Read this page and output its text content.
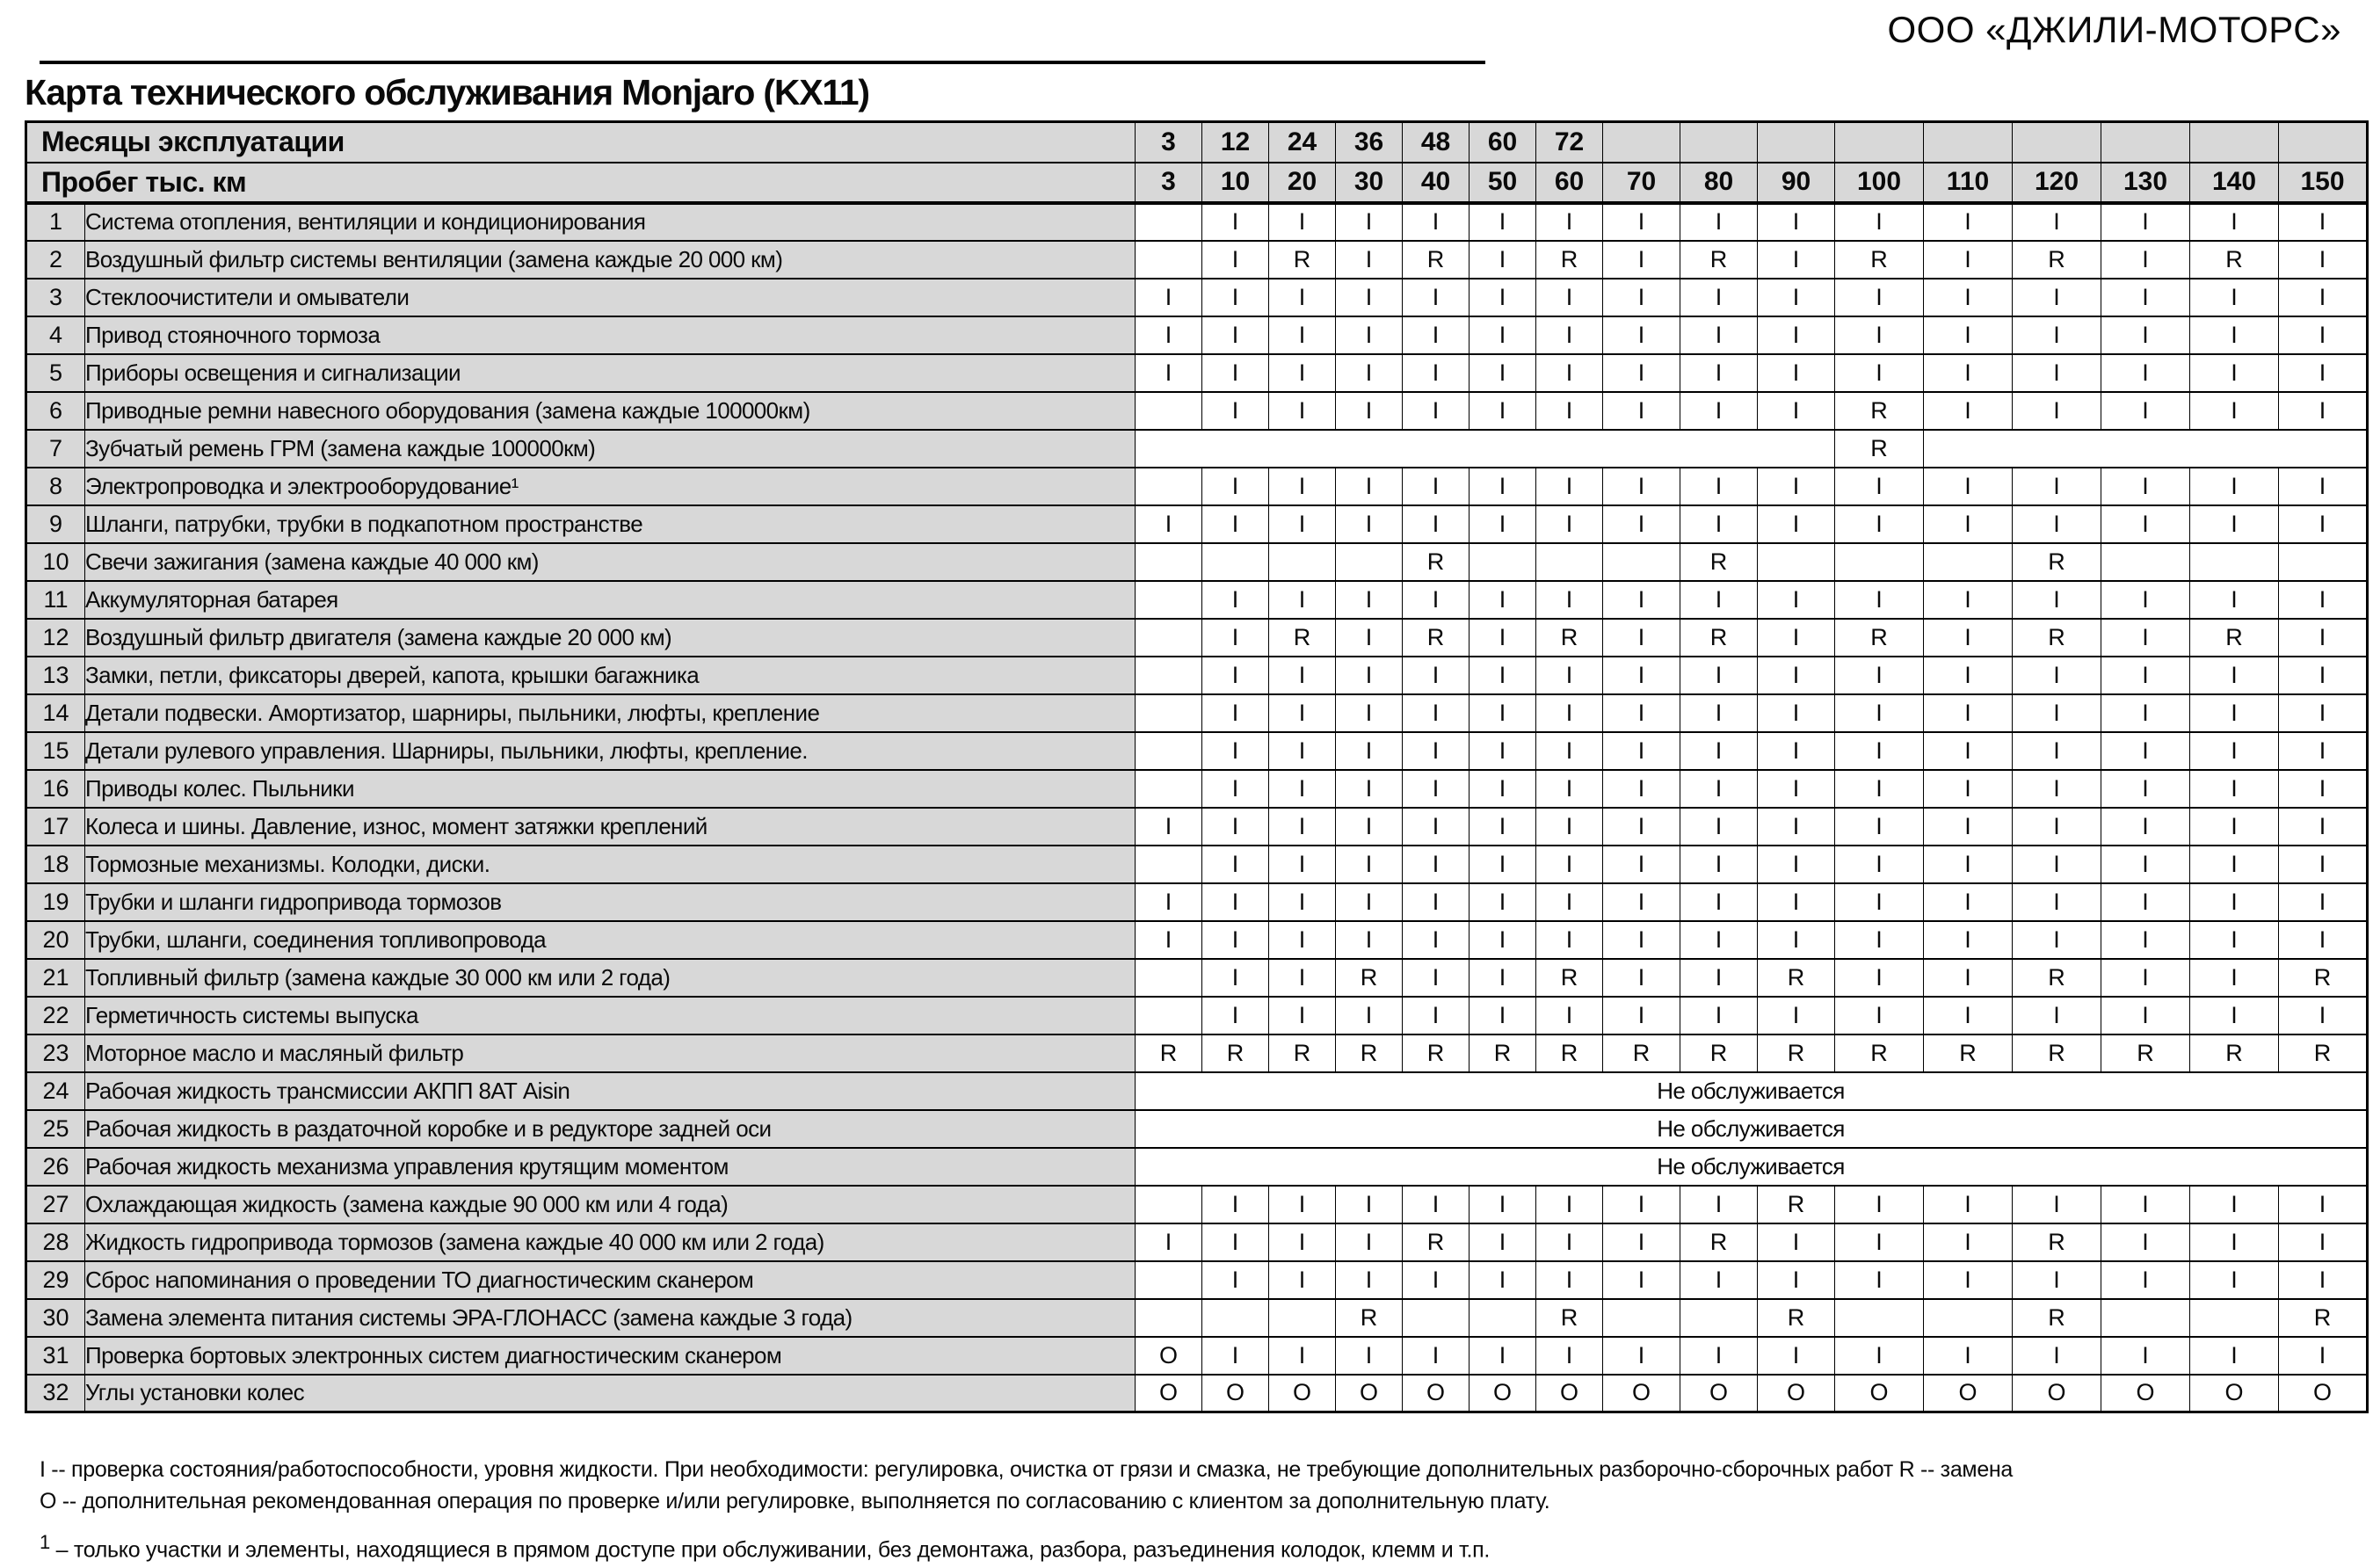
ООО «ДЖИЛИ-МОТОРС»
Карта технического обслуживания Monjaro (KX11)
Месяцы эксплуатации		3	12	24	36	48	60	72									
Пробег тыс. км		3	10	20	30	40	50	60	70	80	90	100	110	120	130	140	150
1	Система отопления, вентиляции и кондиционирования		I	I	I	I	I	I	I	I	I	I	I	I	I	I	I
2	Воздушный фильтр системы вентиляции (замена каждые 20 000 км)		I	R	I	R	I	R	I	R	I	R	I	R	I	R	I
3	Стеклоочистители и омыватели	I	I	I	I	I	I	I	I	I	I	I	I	I	I	I	I
4	Привод стояночного тормоза	I	I	I	I	I	I	I	I	I	I	I	I	I	I	I	I
5	Приборы освещения и сигнализации	I	I	I	I	I	I	I	I	I	I	I	I	I	I	I	I
6	Приводные ремни навесного оборудования (замена каждые 100000км)		I	I	I	I	I	I	I	I	I	R	I	I	I	I	I
7	Зубчатый ремень ГРМ (замена каждые 100000км)											R					
8	Электропроводка и электрооборудование¹		I	I	I	I	I	I	I	I	I	I	I	I	I	I	I
9	Шланги, патрубки, трубки в подкапотном пространстве	I	I	I	I	I	I	I	I	I	I	I	I	I	I	I	I
10	Свечи зажигания (замена каждые 40 000 км)					R				R				R			
11	Аккумуляторная батарея		I	I	I	I	I	I	I	I	I	I	I	I	I	I	I
12	Воздушный фильтр двигателя (замена каждые 20 000 км)		I	R	I	R	I	R	I	R	I	R	I	R	I	R	I
13	Замки, петли, фиксаторы дверей, капота, крышки багажника		I	I	I	I	I	I	I	I	I	I	I	I	I	I	I
14	Детали подвески. Амортизатор, шарниры, пыльники, люфты, крепление		I	I	I	I	I	I	I	I	I	I	I	I	I	I	I
15	Детали рулевого управления. Шарниры, пыльники, люфты, крепление.		I	I	I	I	I	I	I	I	I	I	I	I	I	I	I
16	Приводы колес. Пыльники		I	I	I	I	I	I	I	I	I	I	I	I	I	I	I
17	Колеса и шины. Давление, износ, момент затяжки креплений	I	I	I	I	I	I	I	I	I	I	I	I	I	I	I	I
18	Тормозные механизмы. Колодки, диски.		I	I	I	I	I	I	I	I	I	I	I	I	I	I	I
19	Трубки и шланги гидропривода тормозов	I	I	I	I	I	I	I	I	I	I	I	I	I	I	I	I
20	Трубки, шланги, соединения топливопровода	I	I	I	I	I	I	I	I	I	I	I	I	I	I	I	I
21	Топливный фильтр (замена каждые 30 000 км или 2 года)		I	I	R	I	I	R	I	I	R	I	I	R	I	I	R
22	Герметичность системы выпуска		I	I	I	I	I	I	I	I	I	I	I	I	I	I	I
23	Моторное масло и масляный фильтр	R	R	R	R	R	R	R	R	R	R	R	R	R	R	R	R
24	Рабочая жидкость трансмиссии АКПП 8АТ Aisin	Не обслуживается															
25	Рабочая жидкость в раздаточной коробке и в редукторе задней оси	Не обслуживается															
26	Рабочая жидкость механизма управления крутящим моментом	Не обслуживается															
27	Охлаждающая жидкость (замена каждые 90 000 км или 4 года)		I	I	I	I	I	I	I	I	R	I	I	I	I	I	I
28	Жидкость гидропривода тормозов (замена каждые 40 000 км или 2 года)	I	I	I	I	R	I	I	I	R	I	I	I	R	I	I	I
29	Сброс напоминания о проведении ТО диагностическим сканером		I	I	I	I	I	I	I	I	I	I	I	I	I	I	I
30	Замена элемента питания системы ЭРА-ГЛОНАСС (замена каждые 3 года)				R			R			R			R			R
31	Проверка бортовых электронных систем диагностическим сканером	O	I	I	I	I	I	I	I	I	I	I	I	I	I	I	I
32	Углы установки колес	O	O	O	O	O	O	O	O	O	O	O	O	O	O	O	O
I -- проверка состояния/работоспособности, уровня жидкости. При необходимости: регулировка, очистка от грязи и смазка, не требующие дополнительных разборочно-сборочных работ R -- замена
О -- дополнительная рекомендованная операция по проверке и/или регулировке, выполняется по согласованию с клиентом за дополнительную плату.
$^1$ – только участки и элементы, находящиеся в прямом доступе при обслуживании, без демонтажа, разбора, разъединения колодок, клемм и т.п.
